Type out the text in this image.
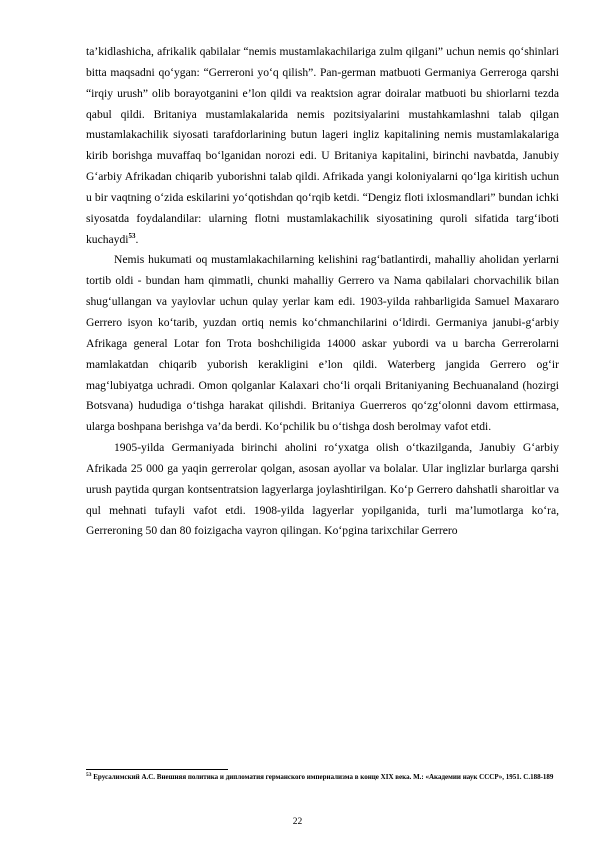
ta’kidlashicha, afrikalik qabilalar “nemis mustamlakachilariga zulm qilgani” uchun nemis qo‘shinlari bitta maqsadni qo‘ygan: “Gerreroni yo‘q qilish”. Pan-german matbuoti Germaniya Gerreroga qarshi “irqiy urush” olib borayotganini e’lon qildi va reaktsion agrar doiralar matbuoti bu shiorlarni tezda qabul qildi. Britaniya mustamlakalarida nemis pozitsiyalarini mustahkamlashni talab qilgan mustamlakachilik siyosati tarafdorlarining butun lageri ingliz kapitalining nemis mustamlakalariga kirib borishga muvaffaq bo‘lganidan norozi edi. U Britaniya kapitalini, birinchi navbatda, Janubiy G‘arbiy Afrikadan chiqarib yuborishni talab qildi. Afrikada yangi koloniyalarni qo‘lga kiritish uchun u bir vaqtning o‘zida eskilarini yo‘qotishdan qo‘rqib ketdi. “Dengiz floti ixlosmandlari” bundan ichki siyosatda foydalandilar: ularning flotni mustamlakachilik siyosatining quroli sifatida targ‘iboti kuchaydi$^{53}$.

Nemis hukumati oq mustamlakachilarning kelishini rag‘batlantirdi, mahalliy aholidan yerlarni tortib oldi - bundan ham qimmatli, chunki mahalliy Gerrero va Nama qabilalari chorvachilik bilan shug‘ullangan va yaylovlar uchun qulay yerlar kam edi. 1903-yilda rahbarligida Samuel Maxararo Gerrero isyon ko‘tarib, yuzdan ortiq nemis ko‘chmanchilarini o‘ldirdi. Germaniya janubi-g‘arbiy Afrikaga general Lotar fon Trota boshchiligida 14000 askar yubordi va u barcha Gerrerolarni mamlakatdan chiqarib yuborish kerakligini e’lon qildi. Waterberg jangida Gerrero og‘ir mag‘lubiyatga uchradi. Omon qolganlar Kalaxari cho‘li orqali Britaniyaning Bechuanaland (hozirgi Botsvana) hududiga o‘tishga harakat qilishdi. Britaniya Guerreros qo‘zg‘olonni davom ettirmasa, ularga boshpana berishga va’da berdi. Ko‘pchilik bu o‘tishga dosh berolmay vafot etdi.

1905-yilda Germaniyada birinchi aholini ro‘yxatga olish o‘tkazilganda, Janubiy G‘arbiy Afrikada 25 000 ga yaqin gerrerolar qolgan, asosan ayollar va bolalar. Ular inglizlar burlarga qarshi urush paytida qurgan kontsentratsion lagyerlarga joylashtirilgan. Ko‘p Gerrero dahshatli sharoitlar va qul mehnati tufayli vafot etdi. 1908-yilda lagyerlar yopilganida, turli ma’lumotlarga ko‘ra, Gerreroning 50 dan 80 foizigacha vayron qilingan. Ko‘pgina tarixchilar Gerrero

$^{53}$ Ерусалимский А.С. Внешняя политика и дипломатия германского империализма в конце XIX века. М.: «Академии наук СССР», 1951. С.188-189
22
